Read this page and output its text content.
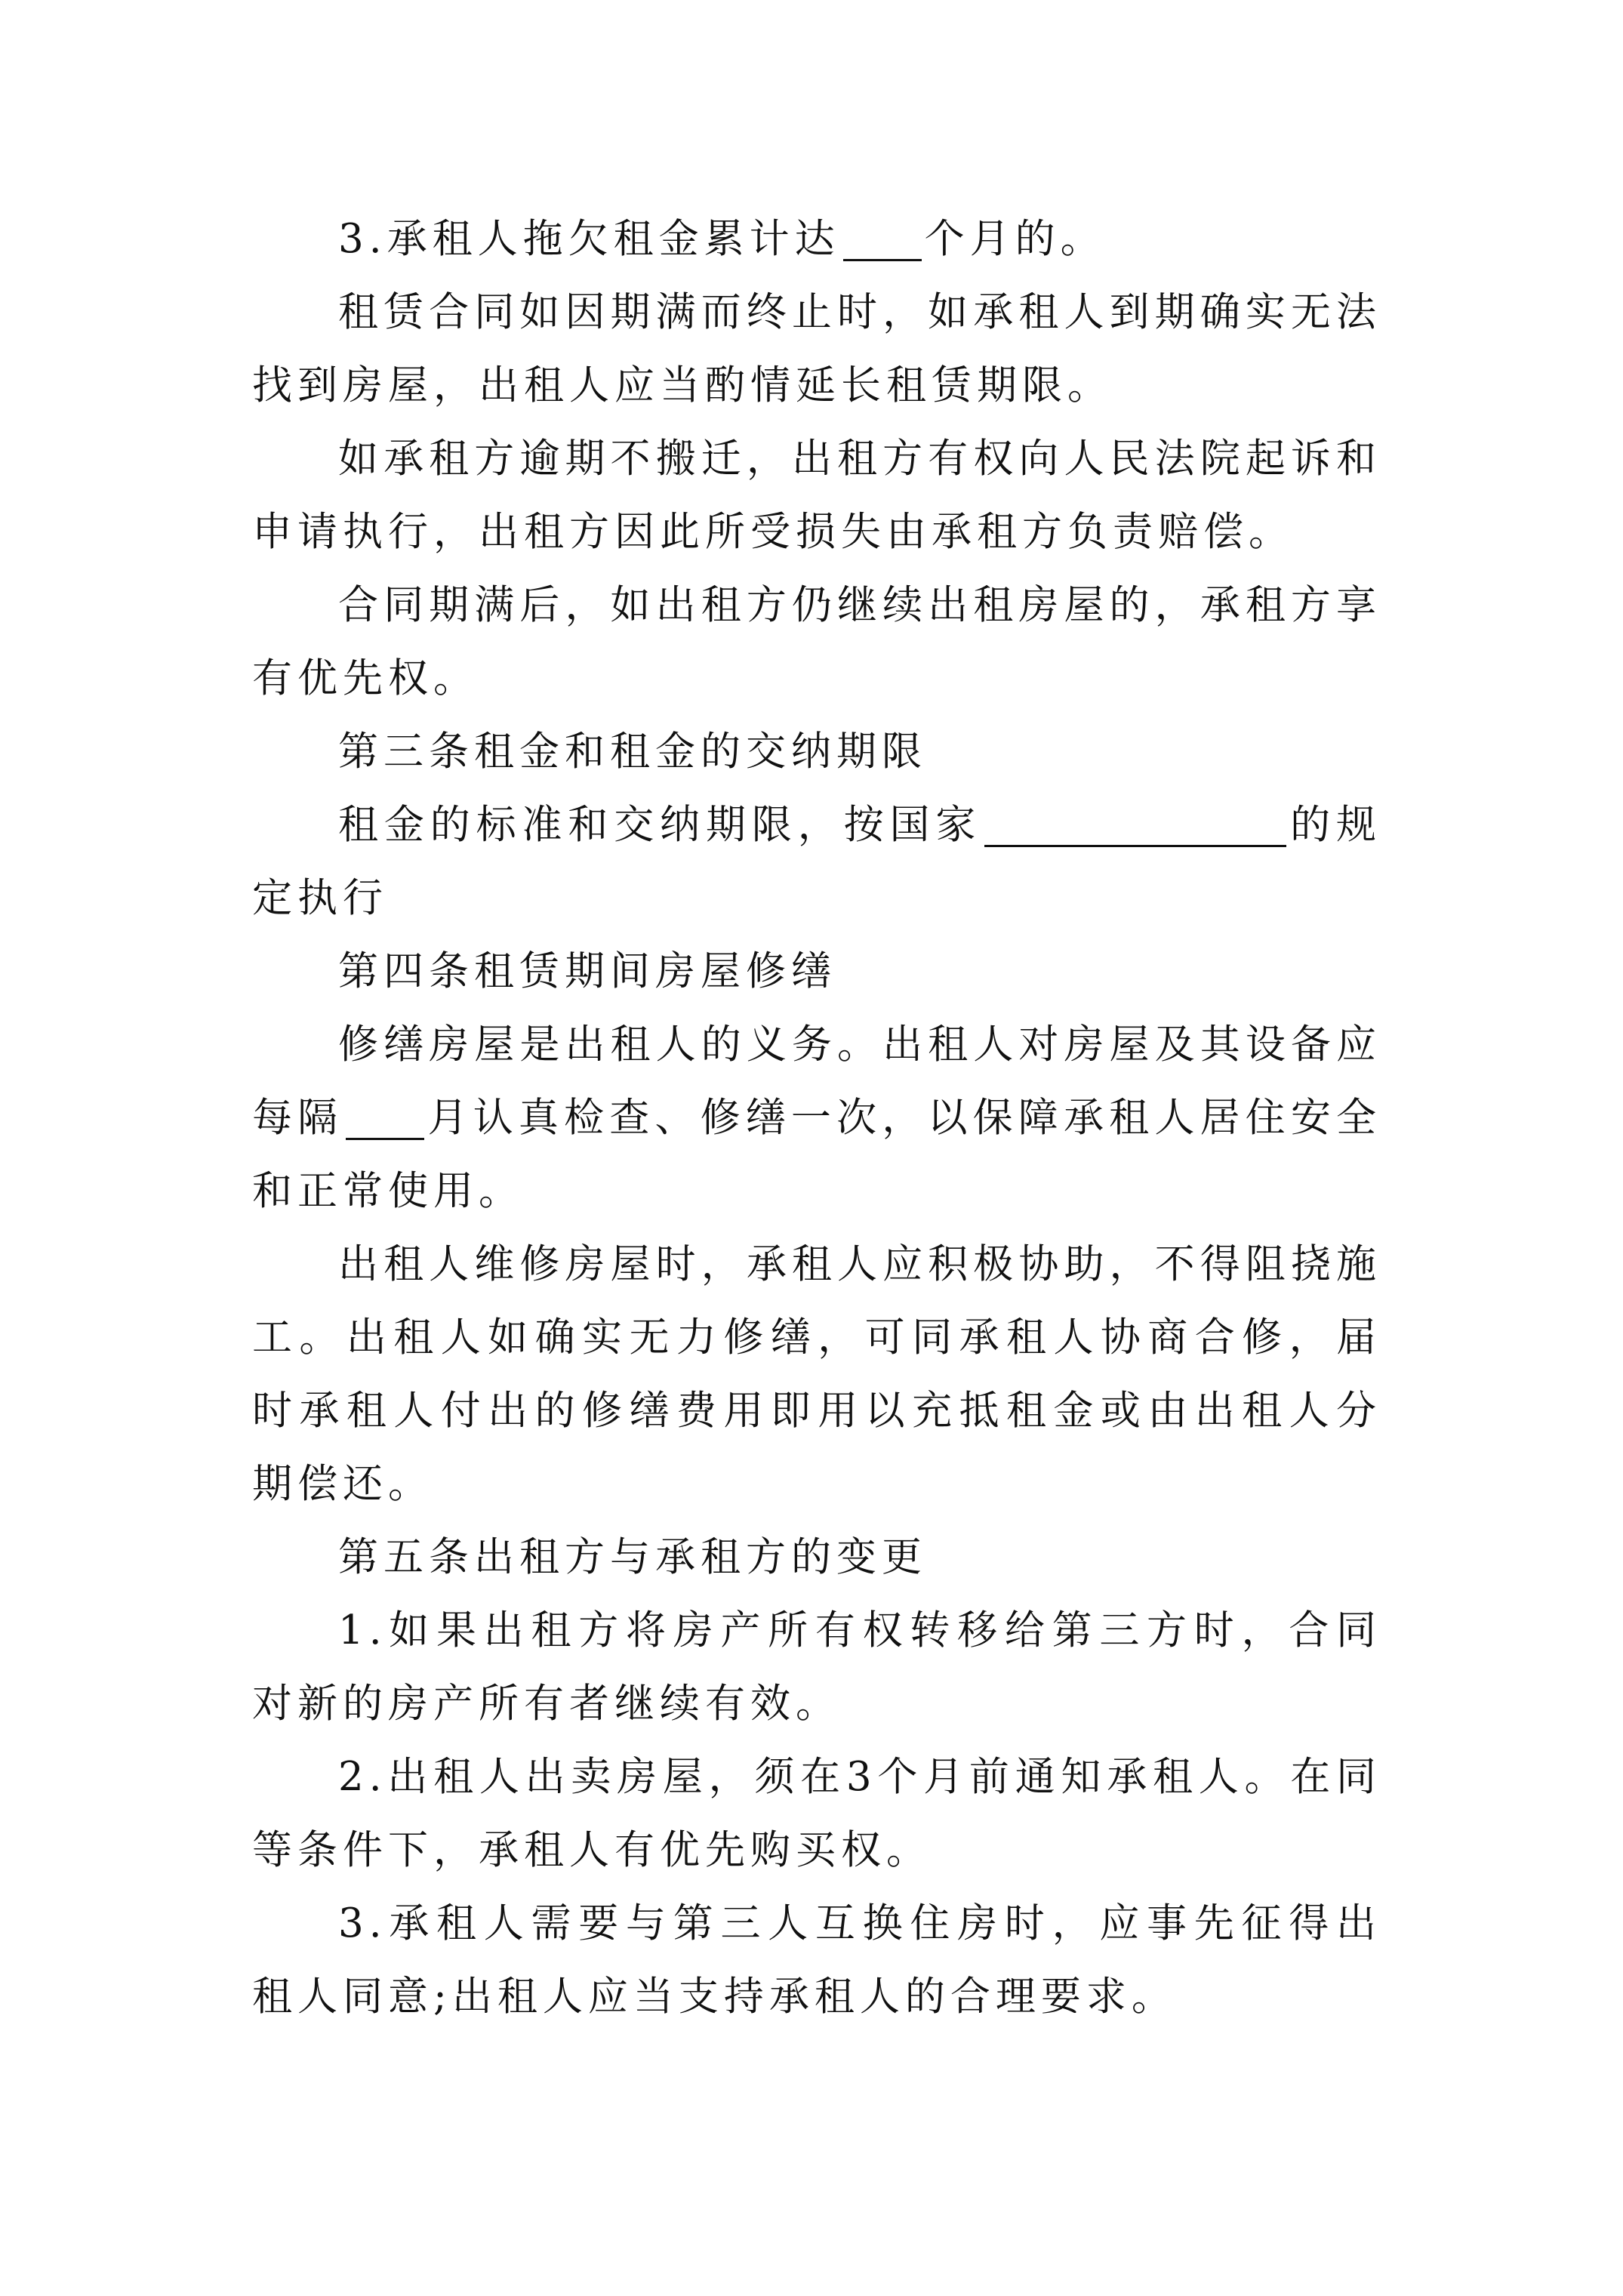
3.承租人拖欠租金累计达 个月的。

租赁合同如因期满而终止时，如承租人到期确实无法找到房屋，出租人应当酌情延长租赁期限。

如承租方逾期不搬迁，出租方有权向人民法院起诉和申请执行，出租方因此所受损失由承租方负责赔偿。

合同期满后，如出租方仍继续出租房屋的，承租方享有优先权。

第三条租金和租金的交纳期限

租金的标准和交纳期限，按国家	的规定执行

第四条租赁期间房屋修缮

修缮房屋是出租人的义务。出租人对房屋及其设备应每隔 月认真检查、修缮一次，以保障承租人居住安全和正常使用。

出租人维修房屋时，承租人应积极协助，不得阻挠施工。出租人如确实无力修缮，可同承租人协商合修，届时承租人付出的修缮费用即用以充抵租金或由出租人分期偿还。

第五条出租方与承租方的变更

1.如果出租方将房产所有权转移给第三方时，合同对新的房产所有者继续有效。

2.出租人出卖房屋，须在3个月前通知承租人。在同等条件下，承租人有优先购买权。

3.承租人需要与第三人互换住房时，应事先征得出租人同意;出租人应当支持承租人的合理要求。
